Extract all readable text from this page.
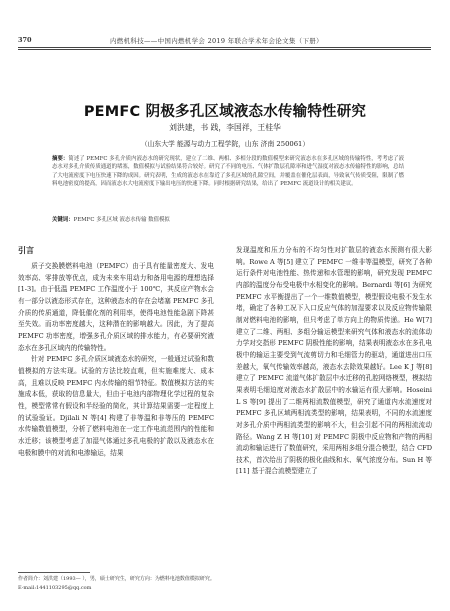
370	内燃机科技——中国内燃机学会 2019 年联合学术年会论文集（下册）
PEMFC 阴极多孔区域液态水传输特性研究
刘洪建，书 践，李国祥，王桂华
（山东大学 能源与动力工程学院，山东 济南 250061）
摘要：简述了 PEMFC 多孔介质内液态水的研究现状，建立了二维、两相、多相分段的数值模型来研究液态水在多孔区域的传输特性，考考虑了液态水对多孔介质传质通道的堵塞，数值模拟与试验结果符合较好。研究了不同的电压、气体扩散层孔隙率和进气湿度对液态水传输特性的影响，总结了大电流密度下电压快速下降的成因。研究表明，生成的液态水在靠近了多孔区域的孔隙空间，并覆盖在催化层表面，导致氧气传质受阻，限制了燃料电池密度的提高，因而液态水大电流密度下输出电压的快速下降。同时根据研究结果，给出了 PEMFC 流道设计的相关建议。
关键词：PEMFC 多孔区域 液态水传输 数值模拟
引言

质子交换膜燃料电池（PEMFC）由于具有能量密度大、发电效率高、零排放等优点，成为未来车用动力和备用电源的理想选择[1-3]。由于低温 PEMFC 工作温度小于 100℃，其反应产物水会有一部分以液态形式存在，这种液态水的存在会堵塞 PEMFC 多孔介质的传质通道，降低催化剂的利用率，使得电池性能急剧下降甚至失效。而功率密度越大，这种潜在的影响越大。因此，为了提高 PEMFC 功率密度，增强多孔介质区域的排水能力，有必要研究液态水在多孔区域内的传输特性。

针对 PEMFC 多孔介质区域液态水的研究，一般通过试验和数值模拟的方法实现。试验的方法比较直观，但实施难度大、成本高，且难以反映 PEMFC 内水传输的细节特征。数值模拟方法的实施成本低，获取的信息量大，但由于电池内部物理化学过程的复杂性，模型常常有假设和半经验的简化，其计算结果需要一定程度上的试验验证。Djilali N 等[4] 构建了非等温和非等压的 PEMFC 水传输数值模型，分析了燃料电池在一定工作电流范围内的性能和水迁移；该模型考虑了加湿气体通过多孔电极的扩散以及液态水在电极和膜中的对流和电渗输运，结果

发现温度和压力分布的不均匀性对扩散层的液态水预测有很大影响。Rowe A 等[5] 建立了 PEMFC 一维非等温模型，研究了各种运行条件对电池性能、热传递和水管理的影响，研究发现 PEMFC 内部的温度分布受电极中水相变化的影响。Bernardi 等[6] 为研究 PEMFC 水平衡提出了一个一维数值模型，模型假设电极不发生水堵，确定了各种工况下入口反应气体的加湿要求以及反应物传输限制对燃料电池的影响，但只考虑了单方向上的物质传递。He W[7] 建立了二维、两相、多组分输运模型来研究气体和液态水的流体动力学对交指形 PEMFC 阴极性能的影响，结果表明液态水在多孔电极中的输运主要受到气流剪切力和毛细管力的驱动，通道进出口压差越大，氧气传输效率越高，液态水去除效果越好。Lee K J 等[8] 建立了 PEMFC 流道气体扩散层中水迁移的孔腔网络模型，模拟结果表明毛细迫度对液态水扩散层中的水输运有很大影响。Hoseini L S 等[9] 提出了二维两相流数值模型，研究了通道内水流速度对 PEMFC 多孔区域两相流类型的影响，结果表明，不同的水流速度对多孔介质中两相流类型的影响不大，但会引起不同的两相流流动路径。Wang Z H 等[10] 对 PEMFC 阴极中反应物和产物的两相流动和输运进行了数值研究，采用两相多组分混合模型，结合 CFD 技术，首次给出了阴极的极化曲线和水、氧气浓度分布。Sun H 等[11] 基于混合流模型建立了

作者简介：刘洪建（1993— ），男，硕士研究生，研究方向：为燃料电池数值模拟研究。
E-mail:1441103295@qq.com
